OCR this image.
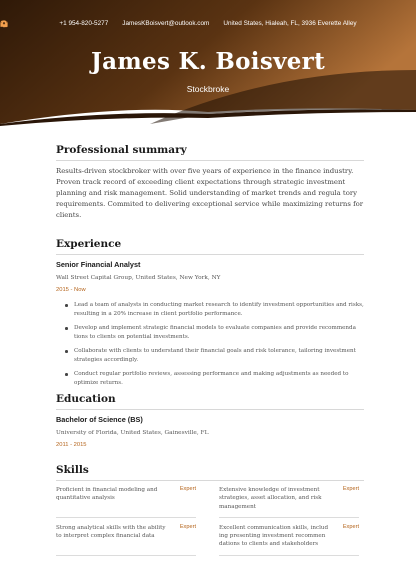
+1 954-820-5277 JamesKBoisvert@outlook.com United States, Hialeah, FL, 3936 Everette Alley
James K. Boisvert
Stockbroke
Professional summary

Results-driven stockbroker with over five years of experience in the finance industry. Proven track record of exceeding client expectations through strategic investment planning and risk management. Solid understanding of market trends and regula tory requirements. Commited to delivering exceptional service while maximizing returns for clients.

Experience

Senior Financial Analyst

Wall Street Capital Group, United States, New York, NY
2015 - Now
Lead a team of analysts in conducting market research to identify investment opportunities and risks, resulting in a 20% increase in client portfolio performance.
Develop and implement strategic financial models to evaluate companies and provide recommenda tions to clients on potential investments.
Collaborate with clients to understand their financial goals and risk tolerance, tailoring investment strategies accordingly.
Conduct regular portfolio reviews, assessing performance and making adjustments as needed to optimize returns.
Education

Bachelor of Science (BS)

University of Florida, United States, Gainesville, FL
2011 - 2015
Skills
Proficient in financial modeling and quantitative analysis
Expert	Extensive knowledge of investment strategies, asset allocation, and risk management
Expert
Strong analytical skills with the ability to interpret complex financial data
Expert	Excellent communication skills, includ ing presenting investment recommen dations to clients and stakeholders
Expert
